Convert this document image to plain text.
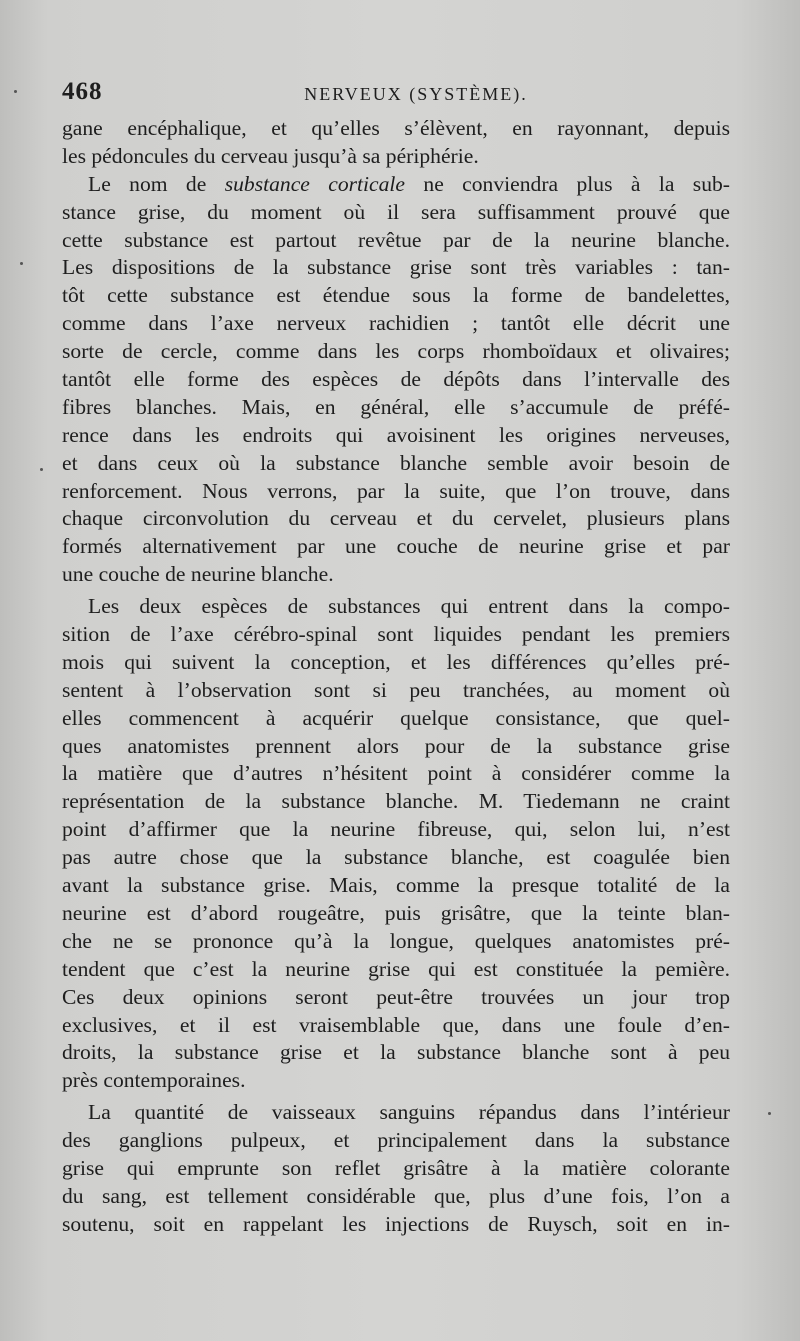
468	NERVEUX (SYSTÈME).
gane encéphalique, et qu’elles s’élèvent, en rayonnant, depuis
les pédoncules du cerveau jusqu’à sa périphérie.
Le nom de substance corticale ne conviendra plus à la sub-
stance grise, du moment où il sera suffisamment prouvé que
cette substance est partout revêtue par de la neurine blanche.
Les dispositions de la substance grise sont très variables : tan-
tôt cette substance est étendue sous la forme de bandelettes,
comme dans l’axe nerveux rachidien ; tantôt elle décrit une
sorte de cercle, comme dans les corps rhomboïdaux et olivaires;
tantôt elle forme des espèces de dépôts dans l’intervalle des
fibres blanches. Mais, en général, elle s’accumule de préfé-
rence dans les endroits qui avoisinent les origines nerveuses,
et dans ceux où la substance blanche semble avoir besoin de
renforcement. Nous verrons, par la suite, que l’on trouve, dans
chaque circonvolution du cerveau et du cervelet, plusieurs plans
formés alternativement par une couche de neurine grise et par
une couche de neurine blanche.
Les deux espèces de substances qui entrent dans la compo-
sition de l’axe cérébro-spinal sont liquides pendant les premiers
mois qui suivent la conception, et les différences qu’elles pré-
sentent à l’observation sont si peu tranchées, au moment où
elles commencent à acquérir quelque consistance, que quel-
ques anatomistes prennent alors pour de la substance grise
la matière que d’autres n’hésitent point à considérer comme la
représentation de la substance blanche. M. Tiedemann ne craint
point d’affirmer que la neurine fibreuse, qui, selon lui, n’est
pas autre chose que la substance blanche, est coagulée bien
avant la substance grise. Mais, comme la presque totalité de la
neurine est d’abord rougeâtre, puis grisâtre, que la teinte blan-
che ne se prononce qu’à la longue, quelques anatomistes pré-
tendent que c’est la neurine grise qui est constituée la pemière.
Ces deux opinions seront peut-être trouvées un jour trop
exclusives, et il est vraisemblable que, dans une foule d’en-
droits, la substance grise et la substance blanche sont à peu
près contemporaines.
La quantité de vaisseaux sanguins répandus dans l’intérieur
des ganglions pulpeux, et principalement dans la substance
grise qui emprunte son reflet grisâtre à la matière colorante
du sang, est tellement considérable que, plus d’une fois, l’on a
soutenu, soit en rappelant les injections de Ruysch, soit en in-
